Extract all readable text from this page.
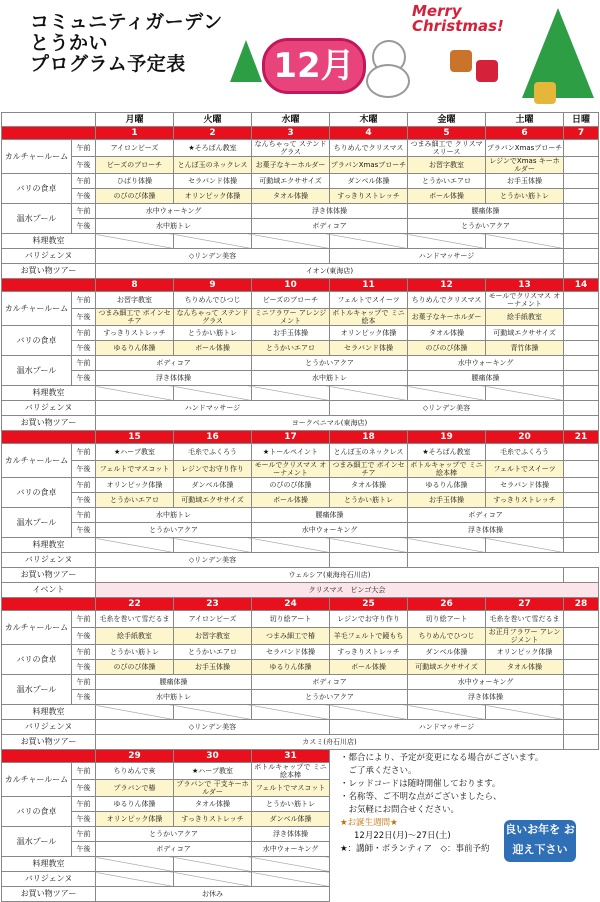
コミュニティガーデン
とうかい
プログラム予定表	12月
Merry Christmas!
		月曜	火曜	水曜	木曜	金曜	土曜	日曜
		1	2	3	4	5	6	7
カルチャールーム	午前	アイロンビーズ	★そろばん教室	なんちゃって ステンドグラス	ちりめんでクリスマス	つまみ細工で クリスマスリース	プラバンXmasブローチ	
	午後	ビーズのブローチ	とんぼ玉のネックレス	お菓子なキーホルダー	プラバンXmasブローチ	お習字教室	レジンでXmas キーホルダー	
バリの食卓	午前	ひばり体操	セラバンド体操	可動域エクササイズ	ダンベル体操	とうかいエアロ	お手玉体操	
	午後	のびのび体操	オリンピック体操	タオル体操	すっきりストレッチ	ボール体操	とうかい筋トレ	
温水プール	午前	水中ウォーキング		浮き体体操		腰痛体操		
	午後	水中筋トレ		ボディコア		とうかいアクア		
料理教室								
バリジェンヌ		◇リンデン美容			ハンドマッサージ			
お買い物ツアー		イオン(東海店)						
		8	9	10	11	12	13	14
カルチャールーム	午前	お習字教室	ちりめんでひつじ	ビーズのブローチ	フェルトでスイーツ	ちりめんでクリスマス	モールでクリスマス オーナメント	
	午後	つまみ細工で ボインセチア	なんちゃって ステンドグラス	ミニフラワー アレンジメント	ボトルキャップで ミニ絵本	お菓子なキーホルダー	絵手紙教室	
バリの食卓	午前	すっきりストレッチ	とうかい筋トレ	お手玉体操	オリンピック体操	タオル体操	可動域エクササイズ	
	午後	ゆるりん体操	ボール体操	とうかいエアロ	セラバンド体操	のびのび体操	青竹体操	
温水プール	午前	ボディコア		とうかいアクア		水中ウォーキング		
	午後	浮き体体操		水中筋トレ		腰痛体操		
料理教室								
バリジェンヌ		ハンドマッサージ			◇リンデン美容			
お買い物ツアー		ヨークベニマル(東海店)						
		15	16	17	18	19	20	21
カルチャールーム	午前	★ハーブ教室	毛糸でふくろう	★トールペイント	とんぼ玉のネックレス	★そろばん教室	毛糸でふくろう	
	午後	フェルトでマスコット	レジンでお守り作り	モールでクリスマス オーナメント	つまみ細工で ボインセチア	ボトルキャップで ミニ絵本棒	フェルトでスイーツ	
バリの食卓	午前	オリンピック体操	ダンベル体操	のびのび体操	タオル体操	ゆるりん体操	セラバンド体操	
	午後	とうかいエアロ	可動域エクササイズ	ボール体操	とうかい筋トレ	お手玉体操	すっきりストレッチ	
温水プール	午前	水中筋トレ		腰痛体操		ボディコア		
	午後	とうかいアクア		水中ウォーキング		浮き体体操		
料理教室								
バリジェンヌ		◇リンデン美容						
お買い物ツアー		ウェルシア(東海舟石川店)						
イベント		クリスマス　ビンゴ大会						
		22	23	24	25	26	27	28
カルチャールーム	午前	毛糸を巻いて雪だるま	アイロンビーズ	切り絵アート	レジンでお守り作り	切り絵アート	毛糸を巻いて雪だるま	
	午後	絵手紙教室	お習字教室	つまみ細工で椿	羊毛フェルトで鏡もち	ちりめんでひつじ	お正月フラワー アレンジメント	
バリの食卓	午前	とうかい筋トレ	とうかいエアロ	セラバンド体操	すっきりストレッチ	ダンベル体操	オリンピック体操	
	午後	のびのび体操	お手玉体操	ゆるりん体操	ボール体操	可動域エクササイズ	タオル体操	
温水プール	午前	腰痛体操		ボディコア		水中ウォーキング		
	午後	水中筋トレ		とうかいアクア		浮き体体操		
料理教室								
バリジェンヌ		◇リンデン美容			ハンドマッサージ			
お買い物ツアー		カスミ(舟石川店)						
		29	30	31				
カルチャールーム	午前	ちりめんで亥	★ハーブ教室	ボトルキャップで ミニ絵本棒				
	午後	プラバンで椿	プラバンで 干支キーホルダー	フェルトでマスコット				
バリの食卓	午前	ゆるりん体操	タオル体操	とうかい筋トレ				
	午後	オリンピック体操	すっきりストレッチ	ダンベル体操				
温水プール	午前	とうかいアクア		浮き体体操				
	午後	ボディコア		水中ウォーキング				
料理教室								
バリジェンヌ								
お買い物ツアー		お休み						
・都合により、予定が変更になる場合がございます。
　ご了承ください。
・レッドコードは随時開催しております。
・名称等、ご不明な点がございましたら、
　お気軽にお問合せください。
★お誕生週間★
12月22日(月)～27日(土)
★：講師・ボランティア　◇：事前予約
良いお年を お迎え下さい
